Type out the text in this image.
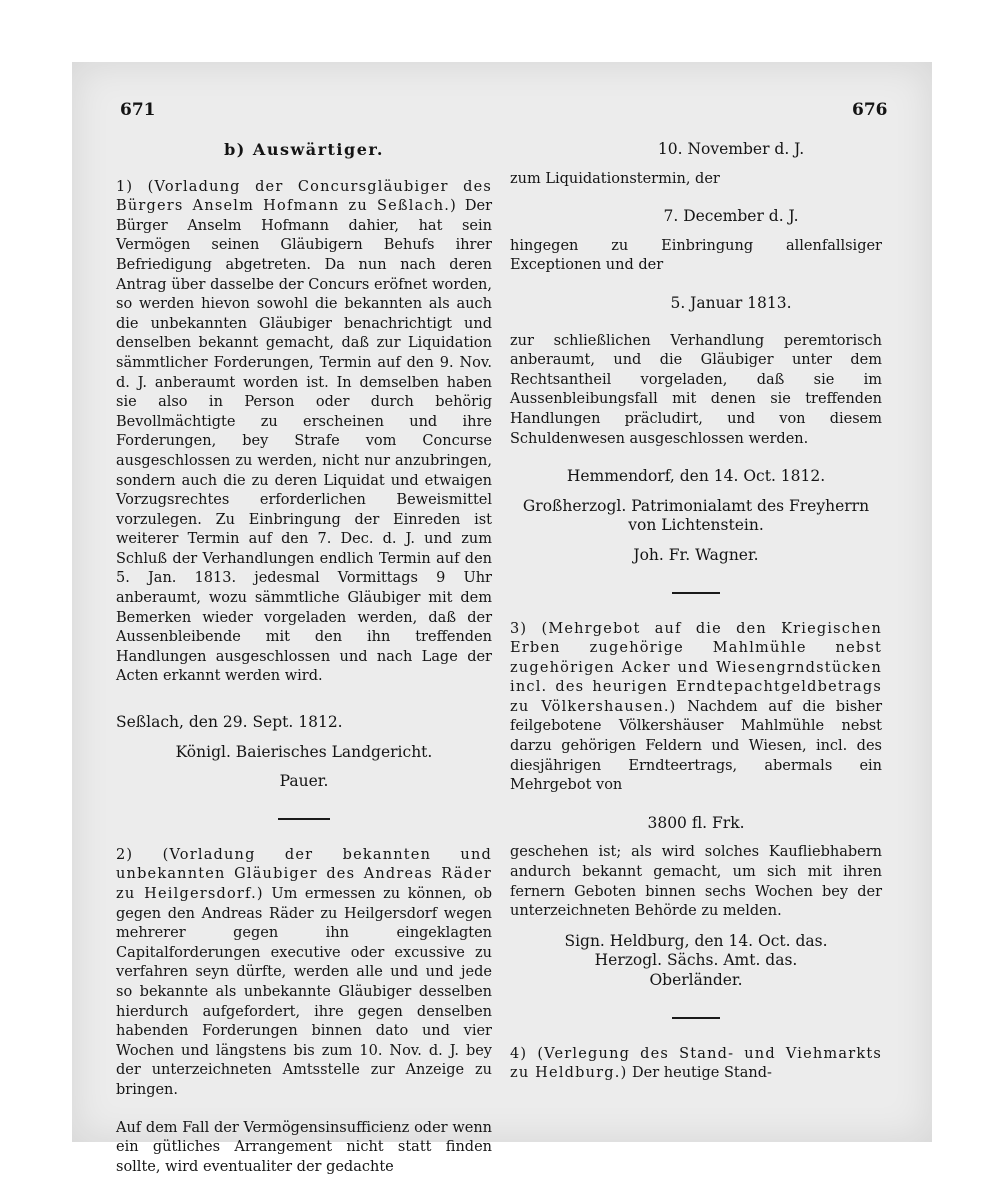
671	676

b) Auswärtiger.

1) (Vorladung der Concursgläubiger des Bürgers Anselm Hofmann zu Seßlach.) Der Bürger Anselm Hofmann dahier, hat sein Vermögen seinen Gläubigern Behufs ihrer Befriedigung abgetreten. Da nun nach deren Antrag über dasselbe der Concurs eröfnet worden, so werden hievon sowohl die bekannten als auch die unbekannten Gläubiger benachrichtigt und denselben bekannt gemacht, daß zur Liquidation sämmtlicher Forderungen, Termin auf den 9. Nov. d. J. anberaumt worden ist. In demselben haben sie also in Person oder durch behörig Bevollmächtigte zu erscheinen und ihre Forderungen, bey Strafe vom Concurse ausgeschlossen zu werden, nicht nur anzubringen, sondern auch die zu deren Liquidat und etwaigen Vorzugsrechtes erforderlichen Beweismittel vorzulegen. Zu Einbringung der Einreden ist weiterer Termin auf den 7. Dec. d. J. und zum Schluß der Verhandlungen endlich Termin auf den 5. Jan. 1813. jedesmal Vormittags 9 Uhr anberaumt, wozu sämmtliche Gläubiger mit dem Bemerken wieder vorgeladen werden, daß der Aussenbleibende mit den ihn treffenden Handlungen ausgeschlossen und nach Lage der Acten erkannt werden wird.

Seßlach, den 29. Sept. 1812.

Königl. Baierisches Landgericht.

Pauer.

2) (Vorladung der bekannten und unbekannten Gläubiger des Andreas Räder zu Heilgersdorf.) Um ermessen zu können, ob gegen den Andreas Räder zu Heilgersdorf wegen mehrerer gegen ihn eingeklagten Capitalforderungen executive oder excussive zu verfahren seyn dürfte, werden alle und und jede so bekannte als unbekannte Gläubiger desselben hierdurch aufgefordert, ihre gegen denselben habenden Forderungen binnen dato und vier Wochen und längstens bis zum 10. Nov. d. J. bey der unterzeichneten Amtsstelle zur Anzeige zu bringen.

Auf dem Fall der Vermögensinsufficienz oder wenn ein gütliches Arrangement nicht statt finden sollte, wird eventualiter der gedachte

10. November d. J.

zum Liquidationstermin, der

7. December d. J.

hingegen zu Einbringung allenfallsiger Exceptionen und der

5. Januar 1813.

zur schließlichen Verhandlung peremtorisch anberaumt, und die Gläubiger unter dem Rechtsantheil vorgeladen, daß sie im Aussenbleibungsfall mit denen sie treffenden Handlungen präcludirt, und von diesem Schuldenwesen ausgeschlossen werden.

Hemmendorf, den 14. Oct. 1812.

Großherzogl. Patrimonialamt des Freyherrn von Lichtenstein.

Joh. Fr. Wagner.

3) (Mehrgebot auf die den Kriegischen Erben zugehörige Mahlmühle nebst zugehörigen Acker und Wiesengrndstücken incl. des heurigen Erndtepachtgeldbetrags zu Völkershausen.) Nachdem auf die bisher feilgebotene Völkershäuser Mahlmühle nebst darzu gehörigen Feldern und Wiesen, incl. des diesjährigen Erndteertrags, abermals ein Mehrgebot von

3800 fl. Frk.

geschehen ist; als wird solches Kaufliebhabern andurch bekannt gemacht, um sich mit ihren fernern Geboten binnen sechs Wochen bey der unterzeichneten Behörde zu melden.

Sign. Heldburg, den 14. Oct. das.

Herzogl. Sächs. Amt. das.

Oberländer.

4) (Verlegung des Stand- und Viehmarkts zu Heldburg.) Der heutige Stand-
